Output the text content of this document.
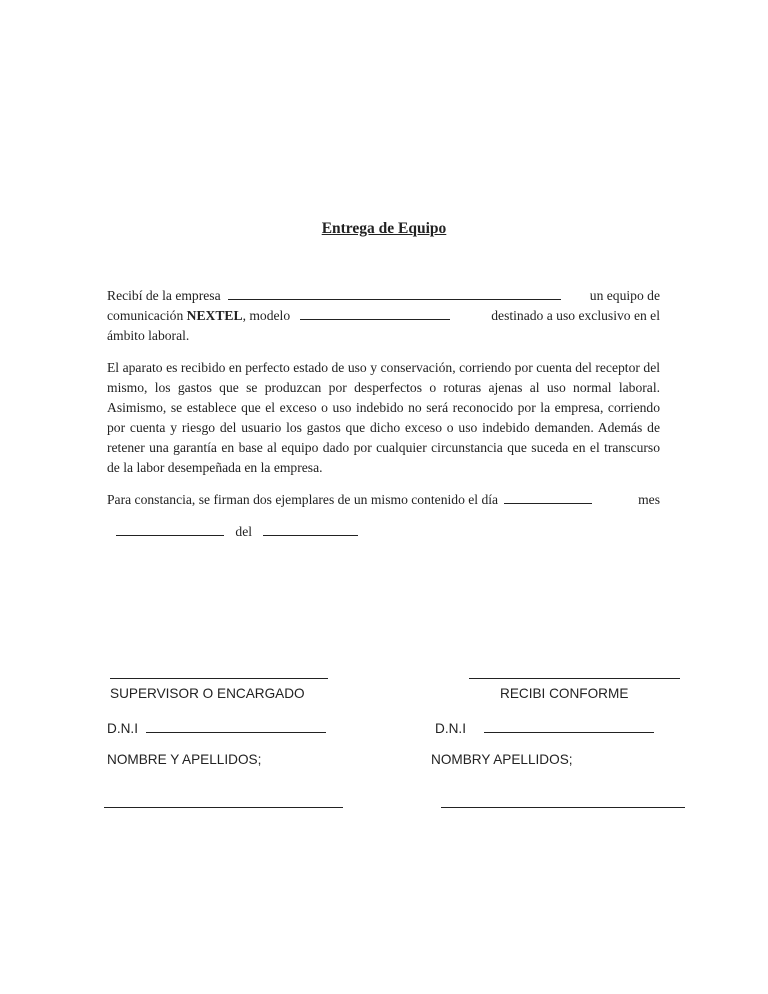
Entrega de Equipo
Recibí de la empresa	un equipo de
comunicación NEXTEL, modelo	destinado a uso exclusivo en el
ámbito laboral.

El aparato es recibido en perfecto estado de uso y conservación, corriendo por cuenta del receptor del mismo, los gastos que se produzcan por desperfectos o roturas ajenas al uso normal laboral. Asimismo, se establece que el exceso o uso indebido no será reconocido por la empresa, corriendo por cuenta y riesgo del usuario los gastos que dicho exceso o uso indebido demanden. Además de retener una garantía en base al equipo dado por cualquier circunstancia que suceda en el transcurso de la labor desempeñada en la empresa.

Para constancia, se firman dos ejemplares de un mismo contenido el día	mes
del
SUPERVISOR O ENCARGADO	RECIBI CONFORME
D.N.I	D.N.I
NOMBRE Y APELLIDOS;	NOMBRY APELLIDOS;
